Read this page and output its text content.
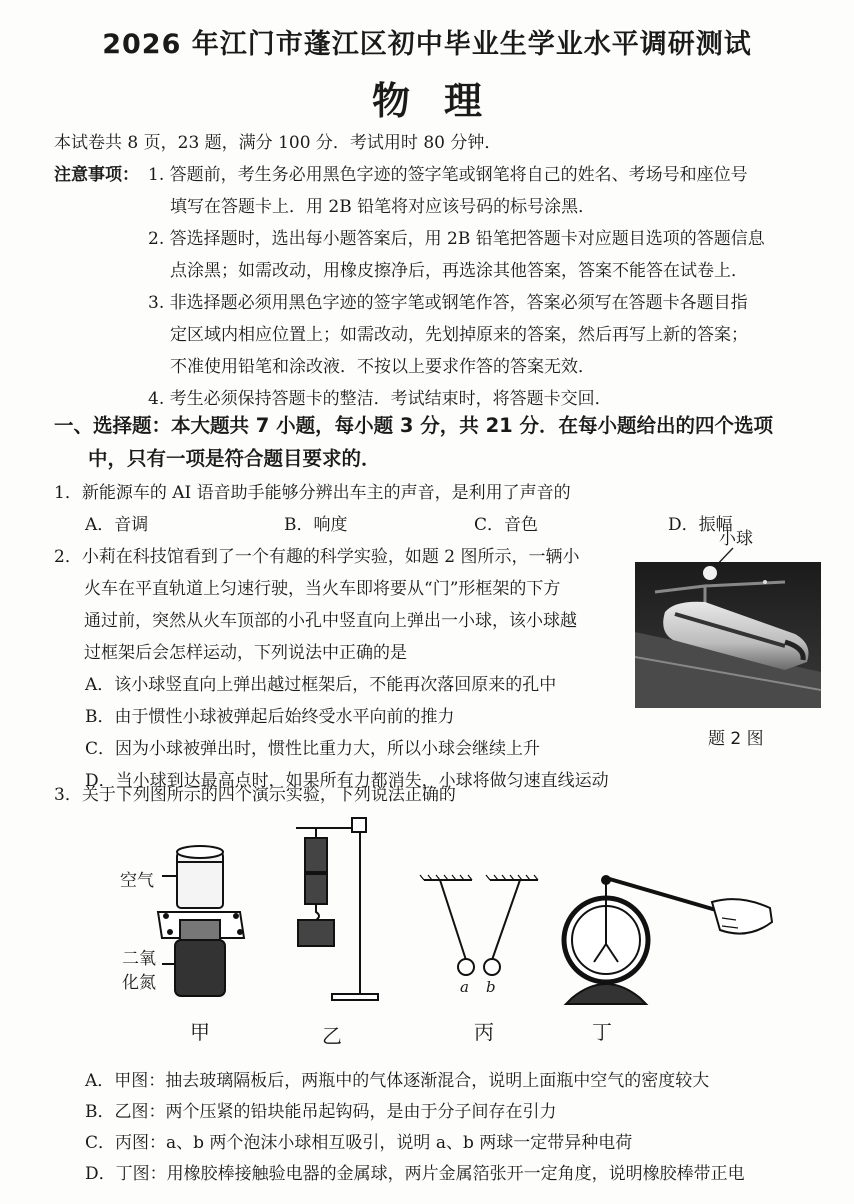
2026 年江门市蓬江区初中毕业生学业水平调研测试
物理
本试卷共 8 页，23 题，满分 100 分．考试用时 80 分钟．
注意事项： 1. 答题前，考生务必用黑色字迹的签字笔或钢笔将自己的姓名、考场号和座位号
填写在答题卡上．用 2B 铅笔将对应该号码的标号涂黑．
2. 答选择题时，选出每小题答案后，用 2B 铅笔把答题卡对应题目选项的答题信息
点涂黑；如需改动，用橡皮擦净后，再选涂其他答案，答案不能答在试卷上．
3. 非选择题必须用黑色字迹的签字笔或钢笔作答，答案必须写在答题卡各题目指
定区域内相应位置上；如需改动，先划掉原来的答案，然后再写上新的答案；
不准使用铅笔和涂改液．不按以上要求作答的答案无效．
4. 考生必须保持答题卡的整洁．考试结束时，将答题卡交回．
一、选择题：本大题共 7 小题，每小题 3 分，共 21 分．在每小题给出的四个选项
中，只有一项是符合题目要求的．
1．新能源车的 AI 语音助手能够分辨出车主的声音，是利用了声音的
A．音调	B．响度	C．音色	D．振幅
2．小莉在科技馆看到了一个有趣的科学实验，如题 2 图所示，一辆小
火车在平直轨道上匀速行驶，当火车即将要从“门”形框架的下方
通过前，突然从火车顶部的小孔中竖直向上弹出一小球，该小球越
过框架后会怎样运动，下列说法中正确的是
A．该小球竖直向上弹出越过框架后，不能再次落回原来的孔中
B．由于惯性小球被弹起后始终受水平向前的推力
C．因为小球被弹出时，惯性比重力大，所以小球会继续上升
D．当小球到达最高点时，如果所有力都消失，小球将做匀速直线运动
小球
题 2 图
3．关于下列图所示的四个演示实验，下列说法正确的
空气
二氧
化氮	a b
甲	乙	丙	丁
A．甲图：抽去玻璃隔板后，两瓶中的气体逐渐混合，说明上面瓶中空气的密度较大
B．乙图：两个压紧的铅块能吊起钩码，是由于分子间存在引力
C．丙图：a、b 两个泡沫小球相互吸引，说明 a、b 两球一定带异种电荷
D．丁图：用橡胶棒接触验电器的金属球，两片金属箔张开一定角度，说明橡胶棒带正电
